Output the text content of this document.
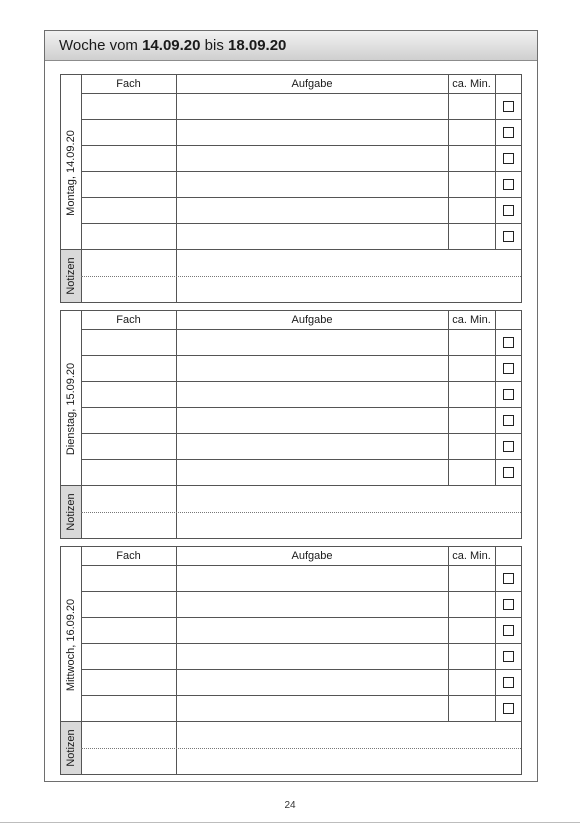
Woche vom 14.09.20 bis 18.09.20
Fach	Aufgabe	ca. Min.
Montag, 14.09.20
Notizen
Fach	Aufgabe	ca. Min.
Dienstag, 15.09.20
Notizen
Fach	Aufgabe	ca. Min.
Mittwoch, 16.09.20
Notizen
24
